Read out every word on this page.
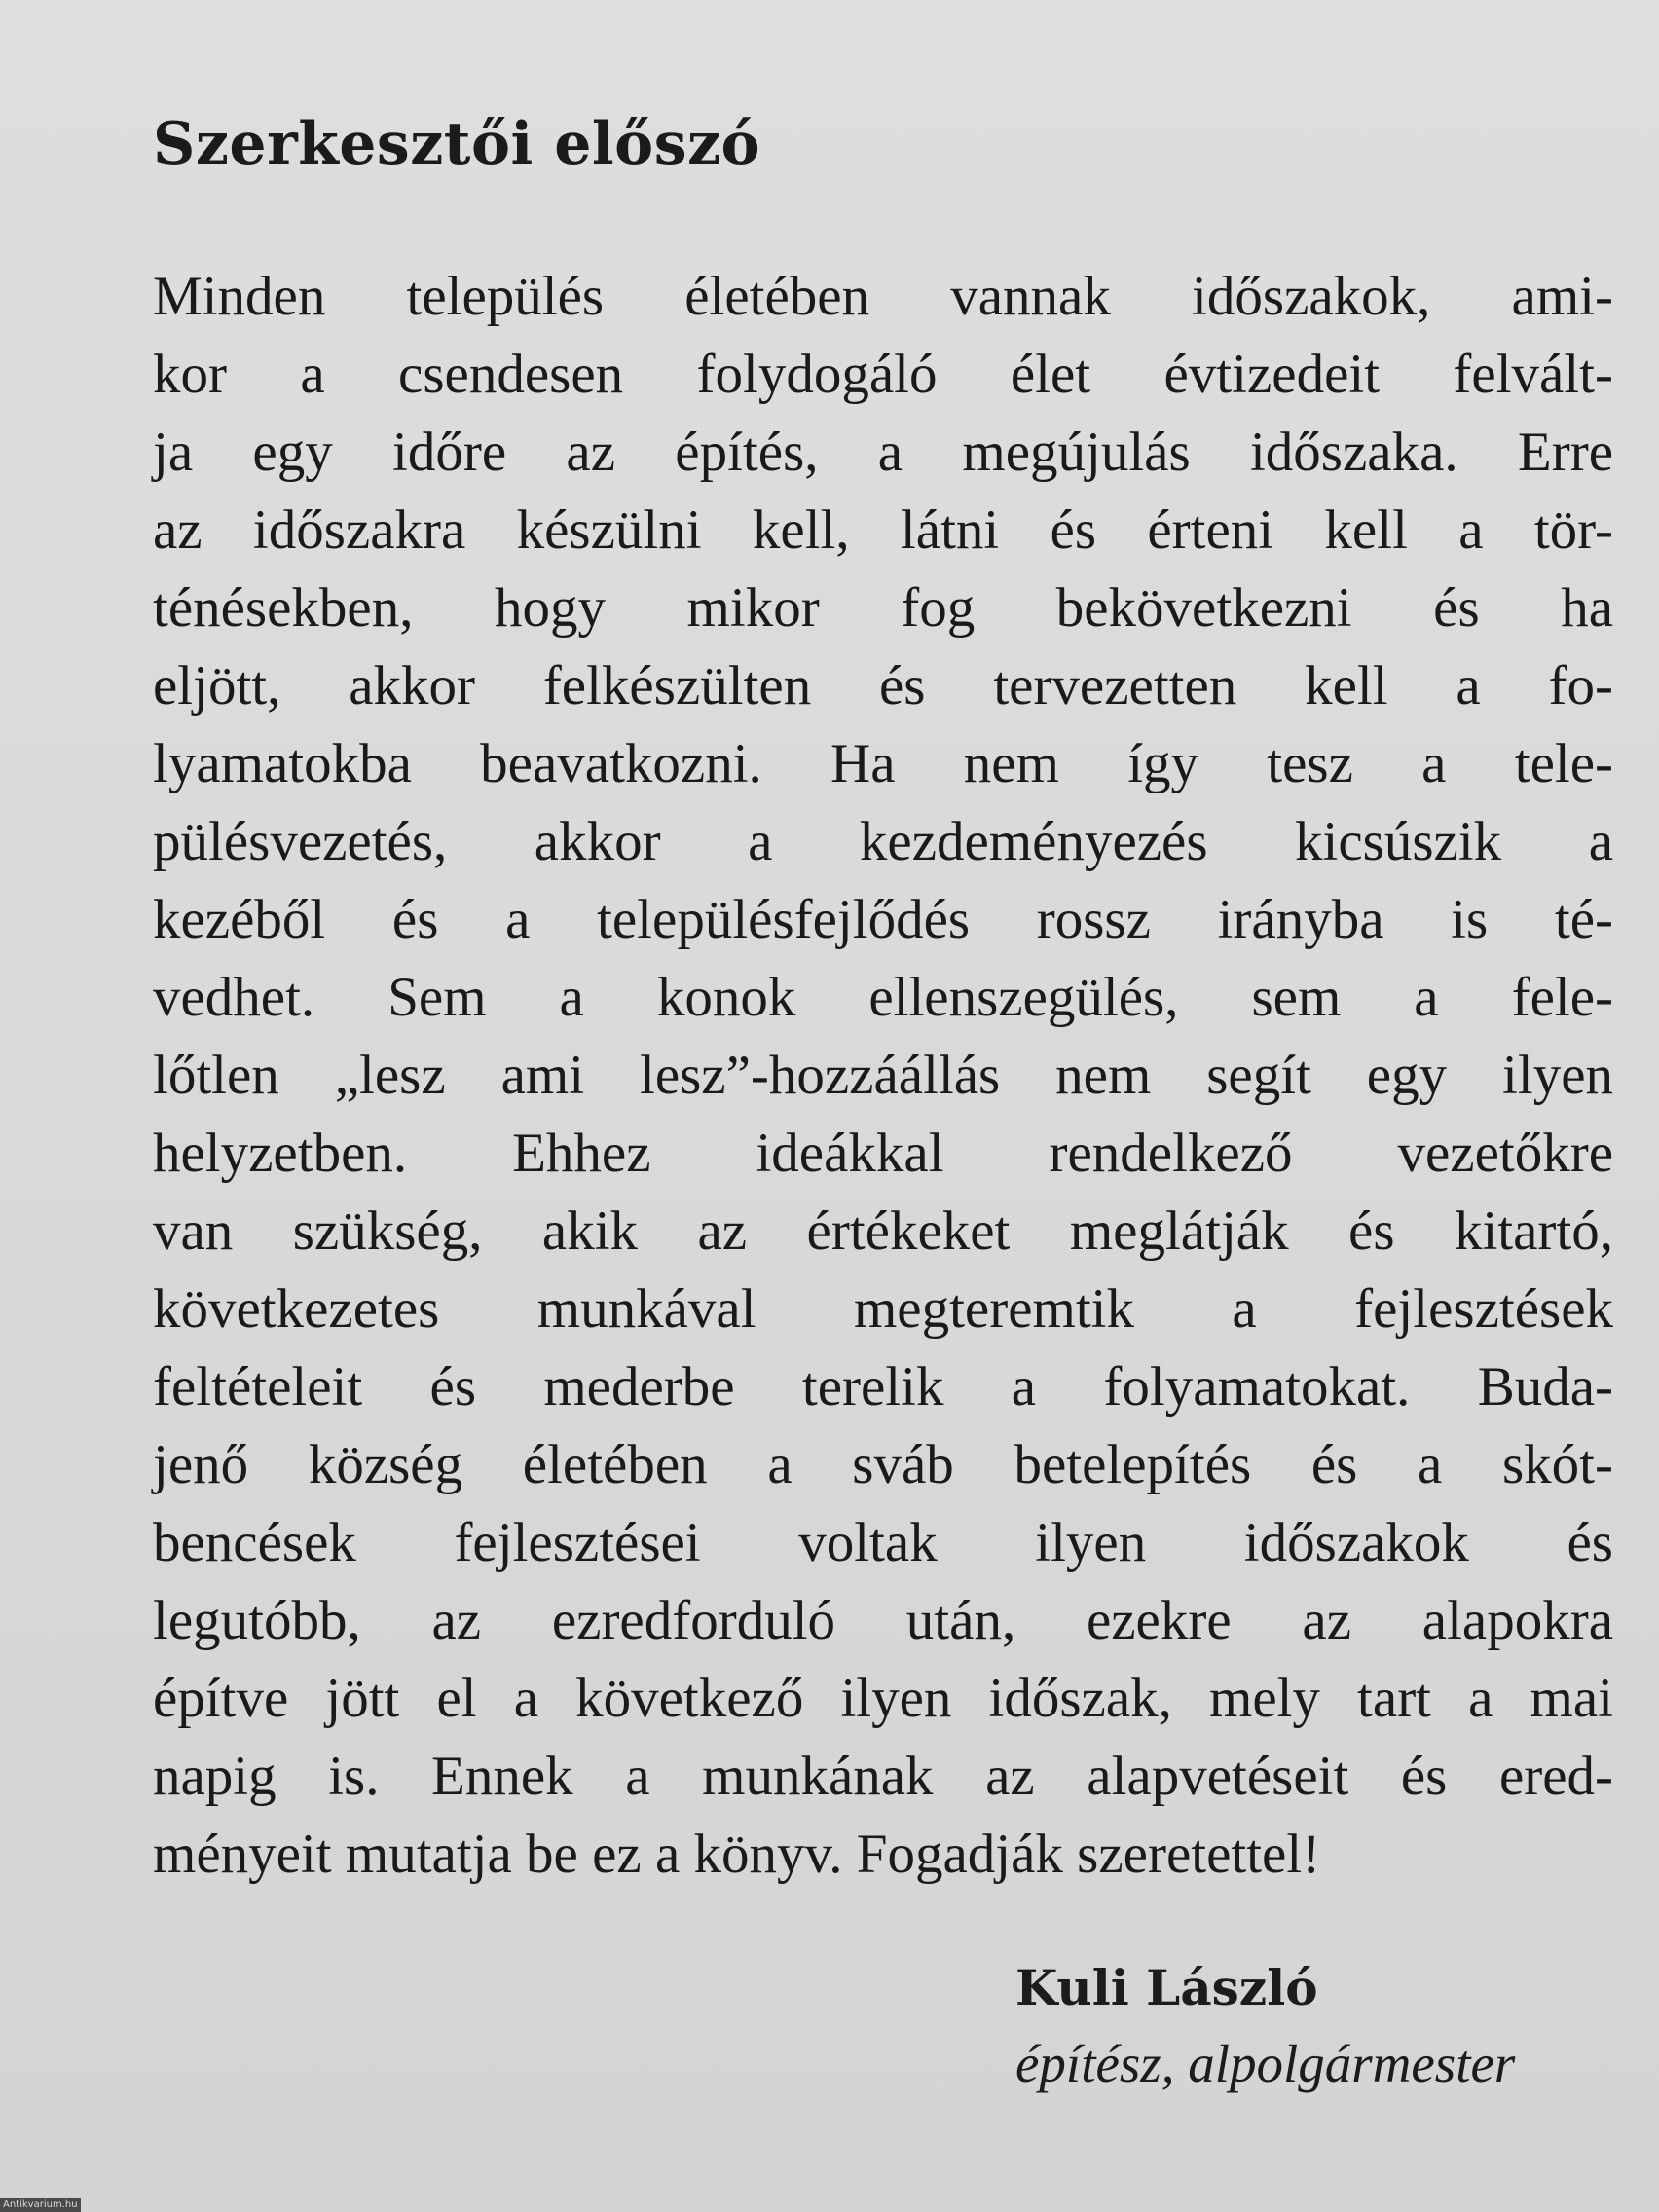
Szerkesztői előszó
Minden település életében vannak időszakok, ami-
kor a csendesen folydogáló élet évtizedeit felvált-
ja egy időre az építés, a megújulás időszaka. Erre
az időszakra készülni kell, látni és érteni kell a tör-
ténésekben, hogy mikor fog bekövetkezni és ha
eljött, akkor felkészülten és tervezetten kell a fo-
lyamatokba beavatkozni. Ha nem így tesz a tele-
pülésvezetés, akkor a kezdeményezés kicsúszik a
kezéből és a településfejlődés rossz irányba is té-
vedhet. Sem a konok ellenszegülés, sem a fele-
lőtlen „lesz ami lesz”-hozzáállás nem segít egy ilyen
helyzetben. Ehhez ideákkal rendelkező vezetőkre
van szükség, akik az értékeket meglátják és kitartó,
következetes munkával megteremtik a fejlesztések
feltételeit és mederbe terelik a folyamatokat. Buda-
jenő község életében a sváb betelepítés és a skót-
bencések fejlesztései voltak ilyen időszakok és
legutóbb, az ezredforduló után, ezekre az alapokra
építve jött el a következő ilyen időszak, mely tart a mai
napig is. Ennek a munkának az alapvetéseit és ered-
ményeit mutatja be ez a könyv. Fogadják szeretettel!
Kuli László
építész, alpolgármester
Antikvarium.hu
